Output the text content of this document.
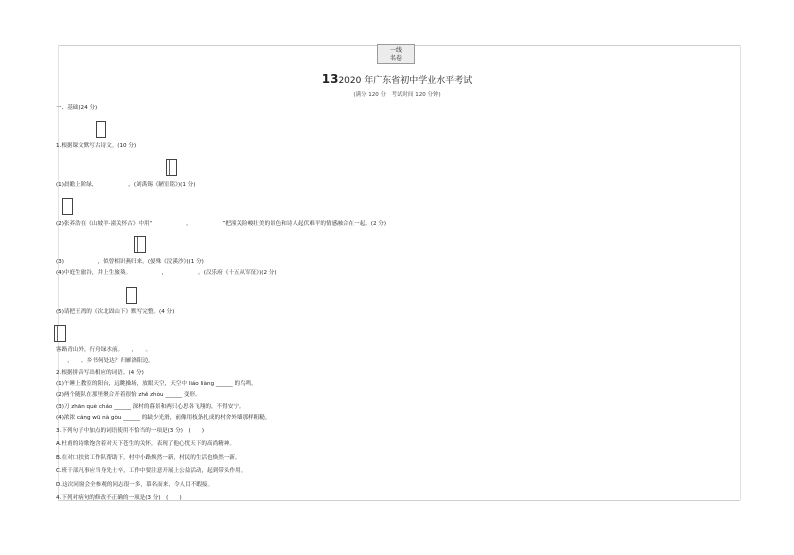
一线
名卷
132020 年广东省初中学业水平考试
(满分 120 分　考试时间 120 分钟)
一、基础(24 分)
1.根据课文默写古诗文。(10 分)
(1)晨瞻上阶绿，　　　　　　。(刘禹锡《陋室铭》)(1 分)
(2)张养浩在《山坡羊·潼关怀古》中用“　　　　　　，　　　　　　”把潼关险峻壮美的景色和诗人起伏难平的情感融合在一起。(2 分)
(3)　　　　　　，似曾相识燕归来。(晏殊《浣溪沙》)(1 分)
(4)中庭生旅谷，井上生旅葵。　　　　　　，　　　　　　。(汉乐府《十五从军征》)(2 分)
(5)请把王湾的《次北固山下》默写完整。(4 分)
客路青山外，行舟绿水前。　　，　　。
　　，　　。乡书何处达？归雁洛阳边。
2.根据拼音写出相应的词语。(4 分)
(1)午睡上教室的阳台，远眺操场，放眼天空，天空中 liáo liàng ______ 的鸟鸣。
(2)两个随队在那里聚合开着很怡 zhě zhòu ______ 变形。
(3)刀 zhān què cháo ______ 深村的暮景和两只心思各飞翔的，不得安宁。
(4)浓浓 cáng wū nà gòu ______ 的缺少光滑，前像用枝条扎成的村舍外墙那样粗糙。
3.下列句子中加点的词语使用不恰当的一项是(3 分)　(　　)
A.杜甫的诗歌饱含着对天下苍生的关怀，表现了他心忧天下的高尚精神。
B.在对口扶贫工作队帮助下，村中小路焕然一新，村民的生活也焕然一新。
C.班干部凡事应当身先士卒，工作中要注意开展上公益活动，起到带头作用。
D.这次同窗会全参观的同志很一多，慕名而来，令人目不暇接。
4.下列对病句的修改不正确的一项是(3 分)　(　　)
